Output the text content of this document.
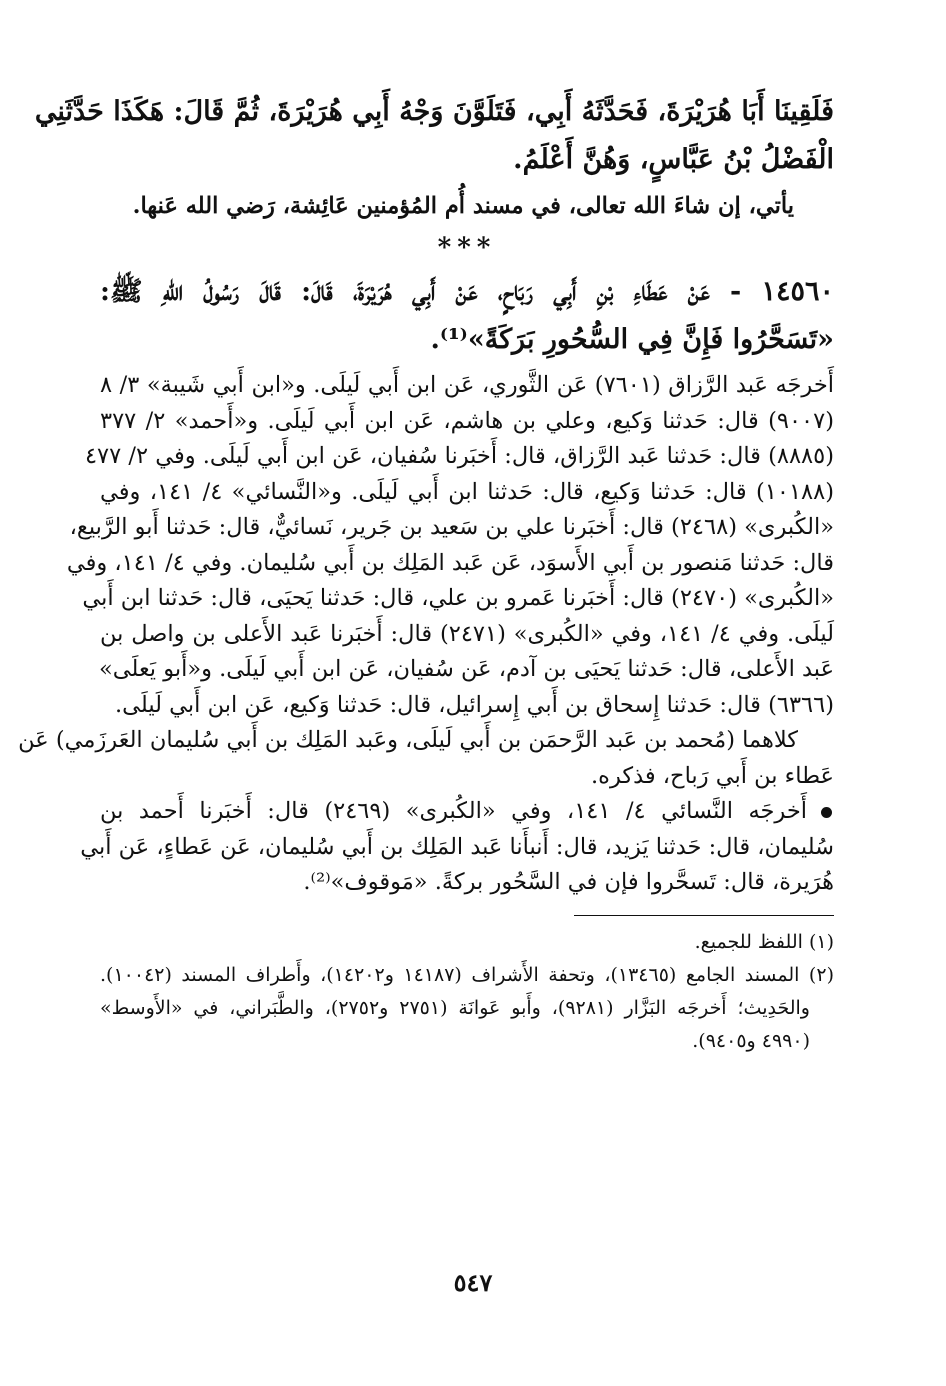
فَلَقِينَا أَبَا هُرَيْرَةَ، فَحَدَّثَهُ أَبِي، فَتَلَوَّنَ وَجْهُ أَبِي هُرَيْرَةَ، ثُمَّ قَالَ: هَكَذَا حَدَّثَنِي
الْفَضْلُ بْنُ عَبَّاسٍ، وَهُنَّ أَعْلَمُ.
يأتي، إن شاءَ الله تعالى، في مسند أُم المُؤمنين عَائِشة، رَضي الله عَنها.
***
١٤٥٦٠ - عَنْ عَطَاءِ بْنِ أَبِي رَبَاحٍ، عَنْ أَبِي هُرَيْرَةَ، قَالَ: قَالَ رَسُولُ اللهِ ﷺ:
«تَسَحَّرُوا فَإِنَّ فِي السُّحُورِ بَرَكَةً»⁽¹⁾.
أَخرجَه عَبد الرَّزاق (٧٦٠١) عَن الثَّوري، عَن ابن أَبي لَيلَى. و«ابن أَبي شَيبة» ٣/ ٨
(٩٠٠٧) قال: حَدثنا وَكيع، وعلي بن هاشم، عَن ابن أَبي لَيلَى. و«أَحمد» ٢/ ٣٧٧
(٨٨٨٥) قال: حَدثنا عَبد الرَّزاق، قال: أَخبَرنا سُفيان، عَن ابن أَبي لَيلَى. وفي ٢/ ٤٧٧
(١٠١٨٨) قال: حَدثنا وَكيع، قال: حَدثنا ابن أَبي لَيلَى. و«النَّسائي» ٤/ ١٤١، وفي
«الكُبرى» (٢٤٦٨) قال: أَخبَرنا علي بن سَعيد بن جَرير، نَسائيٌّ، قال: حَدثنا أَبو الرَّبيع،
قال: حَدثنا مَنصور بن أَبي الأَسوَد، عَن عَبد المَلِك بن أَبي سُليمان. وفي ٤/ ١٤١، وفي
«الكُبرى» (٢٤٧٠) قال: أَخبَرنا عَمرو بن علي، قال: حَدثنا يَحيَى، قال: حَدثنا ابن أَبي
لَيلَى. وفي ٤/ ١٤١، وفي «الكُبرى» (٢٤٧١) قال: أَخبَرنا عَبد الأَعلى بن واصل بن
عَبد الأَعلى، قال: حَدثنا يَحيَى بن آدم، عَن سُفيان، عَن ابن أَبي لَيلَى. و«أَبو يَعلَى»
(٦٣٦٦) قال: حَدثنا إِسحاق بن أَبي إِسرائيل، قال: حَدثنا وَكيع، عَن ابن أَبي لَيلَى.
كلاهما (مُحمد بن عَبد الرَّحمَن بن أَبي لَيلَى، وعَبد المَلِك بن أَبي سُليمان العَرزَمي) عَن
عَطاء بن أَبي رَباح، فذكره.
أَخرجَه النَّسائي ٤/ ١٤١، وفي «الكُبرى» (٢٤٦٩) قال: أَخبَرنا أَحمد بن
سُليمان، قال: حَدثنا يَزيد، قال: أَنبأَنا عَبد المَلِك بن أَبي سُليمان، عَن عَطاءٍ، عَن أَبي
هُرَيرة، قال: تَسحَّروا فإن في السَّحُور بركةً. «مَوقوف»⁽²⁾.
(١) اللفظ للجميع.
(٢) المسند الجامع (١٣٤٦٥)، وتحفة الأَشراف (١٤١٨٧ و١٤٢٠٢)، وأَطراف المسند (١٠٠٤٢).
والحَدِيث؛ أَخرجَه البَزَّار (٩٢٨١)، وأَبو عَوانَة (٢٧٥١ و٢٧٥٢)، والطَّبَراني، في «الأَوسط»
(٤٩٩٠ و٩٤٠٥).
٥٤٧
